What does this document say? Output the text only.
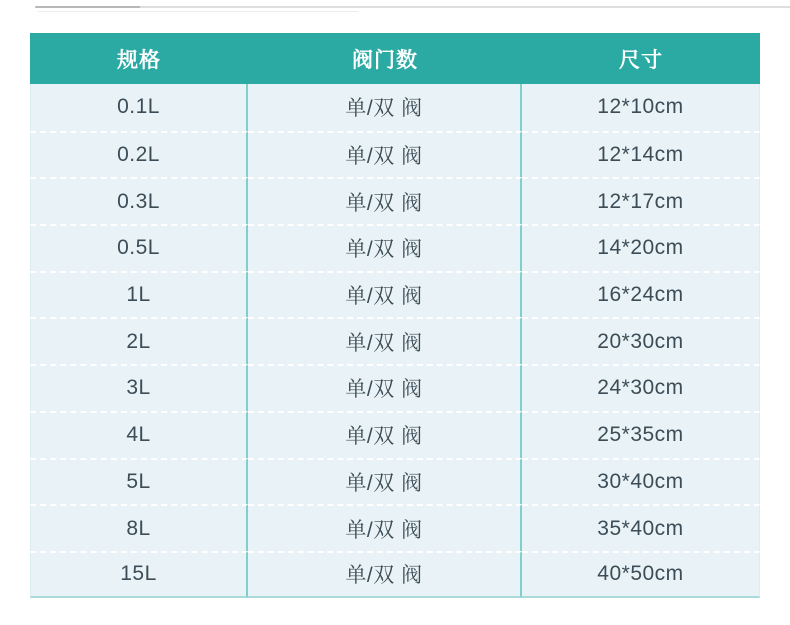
规格	阀门数	尺寸
0.1L	单/双 阀	12*10cm
0.2L	单/双 阀	12*14cm
0.3L	单/双 阀	12*17cm
0.5L	单/双 阀	14*20cm
1L	单/双 阀	16*24cm
2L	单/双 阀	20*30cm
3L	单/双 阀	24*30cm
4L	单/双 阀	25*35cm
5L	单/双 阀	30*40cm
8L	单/双 阀	35*40cm
15L	单/双 阀	40*50cm
